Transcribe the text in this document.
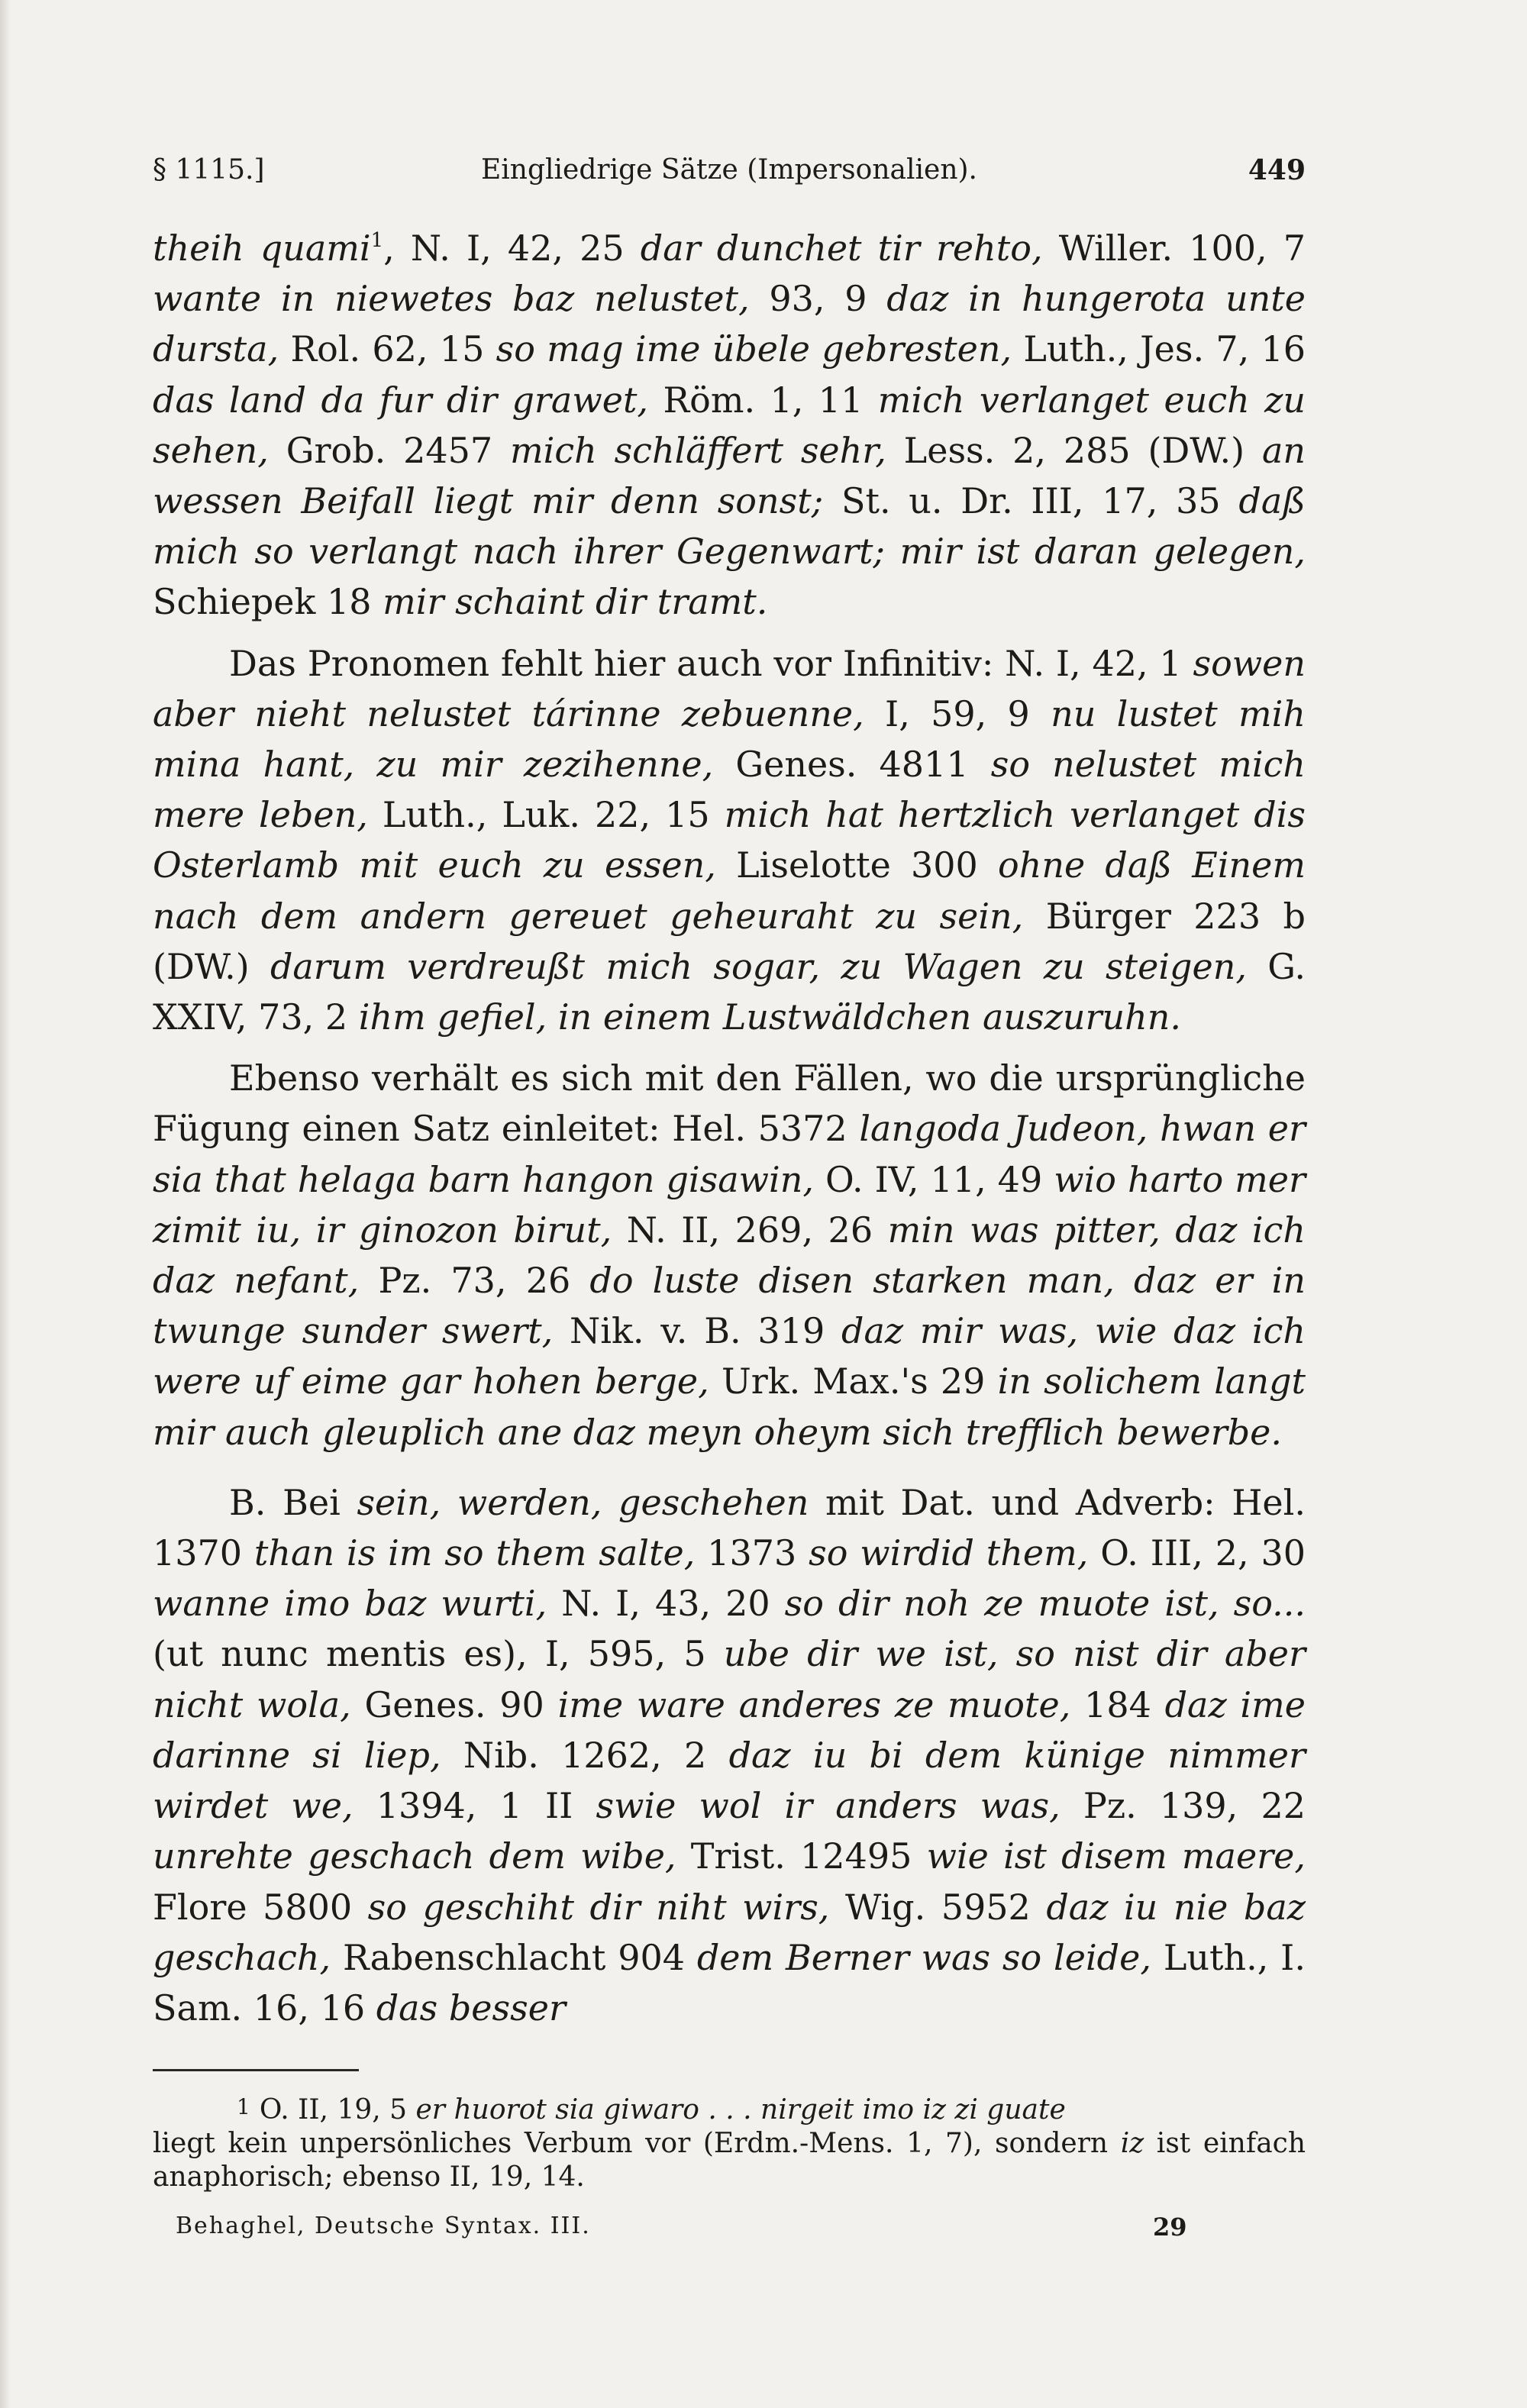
§ 1115.]	Eingliedrige Sätze (Impersonalien).	449

theih quami$^1$, N. I, 42, 25 dar dunchet tir rehto, Willer. 100, 7 wante in niewetes baz nelustet, 93, 9 daz in hungerota unte dursta, Rol. 62, 15 so mag ime übele gebresten, Luth., Jes. 7, 16 das land da fur dir grawet, Röm. 1, 11 mich verlanget euch zu sehen, Grob. 2457 mich schläffert sehr, Less. 2, 285 (DW.) an wessen Beifall liegt mir denn sonst; St. u. Dr. III, 17, 35 daß mich so verlangt nach ihrer Gegenwart; mir ist daran gelegen, Schiepek 18 mir schaint dir tramt.

Das Pronomen fehlt hier auch vor Infinitiv: N. I, 42, 1 sowen aber nieht nelustet tárinne zebuenne, I, 59, 9 nu lustet mih mina hant, zu mir zezihenne, Genes. 4811 so nelustet mich mere leben, Luth., Luk. 22, 15 mich hat hertzlich verlanget dis Osterlamb mit euch zu essen, Liselotte 300 ohne daß Einem nach dem andern gereuet geheuraht zu sein, Bürger 223 b (DW.) darum verdreußt mich sogar, zu Wagen zu steigen, G. XXIV, 73, 2 ihm gefiel, in einem Lustwäldchen auszuruhn.

Ebenso verhält es sich mit den Fällen, wo die ursprüngliche Fügung einen Satz einleitet: Hel. 5372 langoda Judeon, hwan er sia that helaga barn hangon gisawin, O. IV, 11, 49 wio harto mer zimit iu, ir ginozon birut, N. II, 269, 26 min was pitter, daz ich daz nefant, Pz. 73, 26 do luste disen starken man, daz er in twunge sunder swert, Nik. v. B. 319 daz mir was, wie daz ich were uf eime gar hohen berge, Urk. Max.'s 29 in solichem langt mir auch gleuplich ane daz meyn oheym sich trefflich bewerbe.

B. Bei sein, werden, geschehen mit Dat. und Adverb: Hel. 1370 than is im so them salte, 1373 so wirdid them, O. III, 2, 30 wanne imo baz wurti, N. I, 43, 20 so dir noh ze muote ist, so... (ut nunc mentis es), I, 595, 5 ube dir we ist, so nist dir aber nicht wola, Genes. 90 ime ware anderes ze muote, 184 daz ime darinne si liep, Nib. 1262, 2 daz iu bi dem künige nimmer wirdet we, 1394, 1 II swie wol ir anders was, Pz. 139, 22 unrehte geschach dem wibe, Trist. 12495 wie ist disem maere, Flore 5800 so geschiht dir niht wirs, Wig. 5952 daz iu nie baz geschach, Rabenschlacht 904 dem Berner was so leide, Luth., I. Sam. 16, 16 das besser

1 O. II, 19, 5 er huorot sia giwaro . . . nirgeit imo iz zi guate

liegt kein unpersönliches Verbum vor (Erdm.-Mens. 1, 7), sondern iz ist einfach anaphorisch; ebenso II, 19, 14.

Behaghel, Deutsche Syntax. III.	29
